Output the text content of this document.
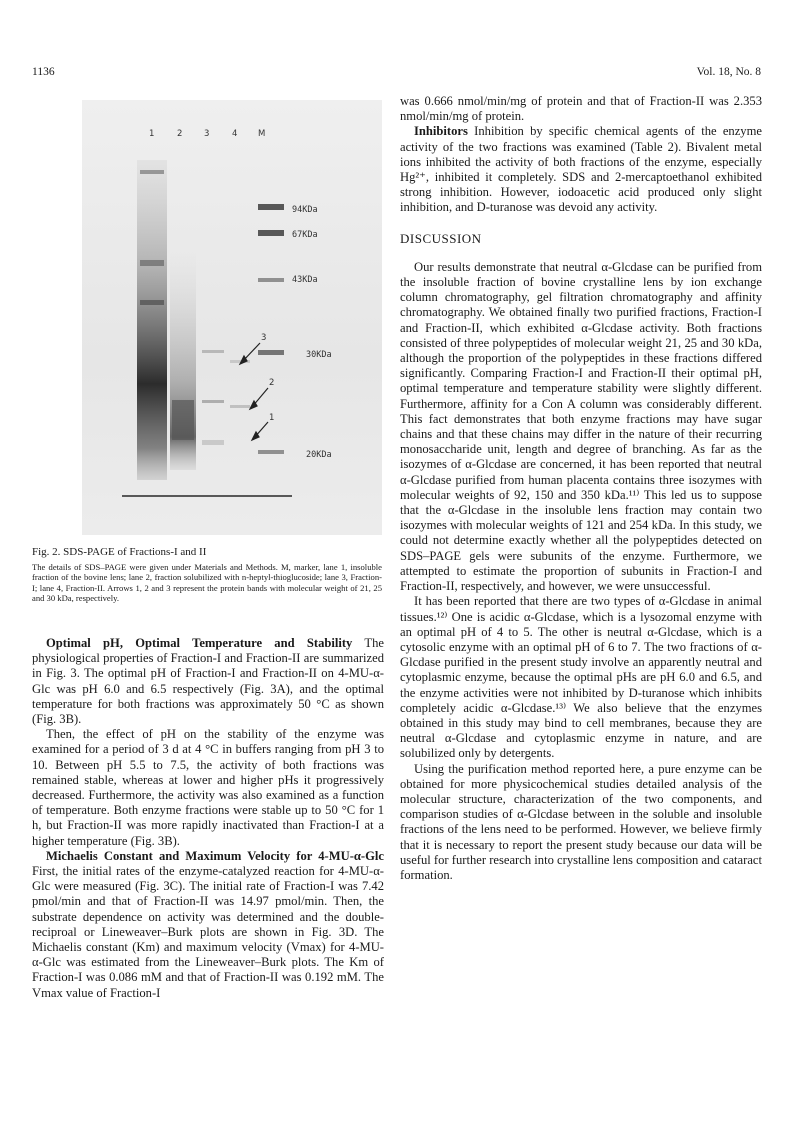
1136	Vol. 18, No. 8
1	2	3	4 M
94KDa
67KDa
43KDa
30KDa
20KDa
3
2
1
Fig. 2. SDS-PAGE of Fractions-I and II
The details of SDS–PAGE were given under Materials and Methods. M, marker, lane 1, insoluble fraction of the bovine lens; lane 2, fraction solubilized with n-heptyl-thioglucoside; lane 3, Fraction-I; lane 4, Fraction-II. Arrows 1, 2 and 3 represent the protein bands with molecular weight of 21, 25 and 30 kDa, respectively.

Optimal pH, Optimal Temperature and Stability The physiological properties of Fraction-I and Fraction-II are summarized in Fig. 3. The optimal pH of Fraction-I and Fraction-II on 4-MU-α-Glc was pH 6.0 and 6.5 respectively (Fig. 3A), and the optimal temperature for both fractions was approximately 50 °C as shown (Fig. 3B).

Then, the effect of pH on the stability of the enzyme was examined for a period of 3 d at 4 °C in buffers ranging from pH 3 to 10. Between pH 5.5 to 7.5, the activity of both fractions was remained stable, whereas at lower and higher pHs it progressively decreased. Furthermore, the activity was also examined as a function of temperature. Both enzyme fractions were stable up to 50 °C for 1 h, but Fraction-II was more rapidly inactivated than Fraction-I at a higher temperature (Fig. 3B).

Michaelis Constant and Maximum Velocity for 4-MU-α-Glc First, the initial rates of the enzyme-catalyzed reaction for 4-MU-α-Glc were measured (Fig. 3C). The initial rate of Fraction-I was 7.42 pmol/min and that of Fraction-II was 14.97 pmol/min. Then, the substrate dependence on activity was determined and the double-reciproal or Lineweaver–Burk plots are shown in Fig. 3D. The Michaelis constant (Km) and maximum velocity (Vmax) for 4-MU-α-Glc was estimated from the Lineweaver–Burk plots. The Km of Fraction-I was 0.086 mM and that of Fraction-II was 0.192 mM. The Vmax value of Fraction-I

was 0.666 nmol/min/mg of protein and that of Fraction-II was 2.353 nmol/min/mg of protein.

Inhibitors Inhibition by specific chemical agents of the enzyme activity of the two fractions was examined (Table 2). Bivalent metal ions inhibited the activity of both fractions of the enzyme, especially Hg²⁺, inhibited it completely. SDS and 2-mercaptoethanol exhibited strong inhibition. However, iodoacetic acid produced only slight inhibition, and D-turanose was devoid any activity.

DISCUSSION

Our results demonstrate that neutral α-Glcdase can be purified from the insoluble fraction of bovine crystalline lens by ion exchange column chromatography, gel filtration chromatography and affinity chromatography. We obtained finally two purified fractions, Fraction-I and Fraction-II, which exhibited α-Glcdase activity. Both fractions consisted of three polypeptides of molecular weight 21, 25 and 30 kDa, although the proportion of the polypeptides in these fractions differed significantly. Comparing Fraction-I and Fraction-II their optimal pH, optimal temperature and temperature stability were slightly different. Furthermore, affinity for a Con A column was considerably different. This fact demonstrates that both enzyme fractions may have sugar chains and that these chains may differ in the nature of their recurring monosaccharide unit, length and degree of branching. As far as the isozymes of α-Glcdase are concerned, it has been reported that neutral α-Glcdase purified from human placenta contains three isozymes with molecular weights of 92, 150 and 350 kDa.¹¹⁾ This led us to suppose that the α-Glcdase in the insoluble lens fraction may contain two isozymes with molecular weights of 121 and 254 kDa. In this study, we could not determine exactly whether all the polypeptides detected on SDS–PAGE gels were subunits of the enzyme. Furthermore, we attempted to estimate the proportion of subunits in Fraction-I and Fraction-II, respectively, and however, we were unsuccessful.

It has been reported that there are two types of α-Glcdase in animal tissues.¹²⁾ One is acidic α-Glcdase, which is a lysozomal enzyme with an optimal pH of 4 to 5. The other is neutral α-Glcdase, which is a cytosolic enzyme with an optimal pH of 6 to 7. The two fractions of α-Glcdase purified in the present study involve an apparently neutral and cytoplasmic enzyme, because the optimal pHs are pH 6.0 and 6.5, and the enzyme activities were not inhibited by D-turanose which inhibits completely acidic α-Glcdase.¹³⁾ We also believe that the enzymes obtained in this study may bind to cell membranes, because they are neutral α-Glcdase and cytoplasmic enzyme in nature, and are solubilized only by detergents.

Using the purification method reported here, a pure enzyme can be obtained for more physicochemical studies detailed analysis of the molecular structure, characterization of the two components, and comparison studies of α-Glcdase between in the soluble and insoluble fractions of the lens need to be performed. However, we believe firmly that it is necessary to report the present study because our data will be useful for further research into crystalline lens composition and cataract formation.
